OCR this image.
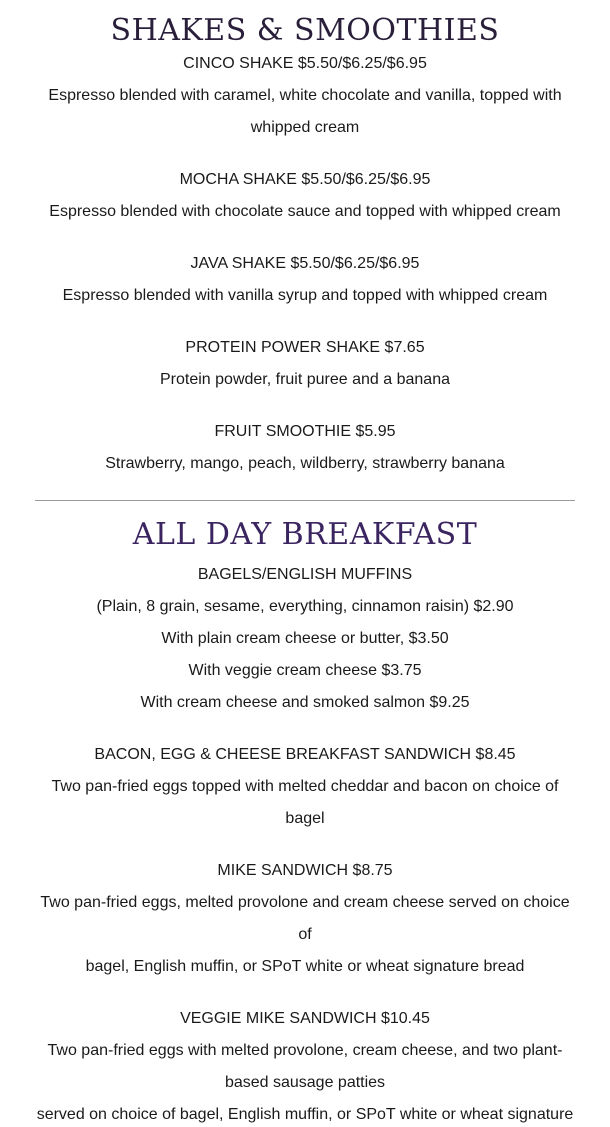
SHAKES & SMOOTHIES

CINCO SHAKE $5.50/$6.25/$6.95

Espresso blended with caramel, white chocolate and vanilla, topped with

whipped cream

MOCHA SHAKE $5.50/$6.25/$6.95

Espresso blended with chocolate sauce and topped with whipped cream

JAVA SHAKE $5.50/$6.25/$6.95

Espresso blended with vanilla syrup and topped with whipped cream

PROTEIN POWER SHAKE $7.65

Protein powder, fruit puree and a banana

FRUIT SMOOTHIE $5.95

Strawberry, mango, peach, wildberry, strawberry banana

ALL DAY BREAKFAST

BAGELS/ENGLISH MUFFINS

(Plain, 8 grain, sesame, everything, cinnamon raisin) $2.90

With plain cream cheese or butter, $3.50

With veggie cream cheese $3.75

With cream cheese and smoked salmon $9.25

BACON, EGG & CHEESE BREAKFAST SANDWICH $8.45

Two pan-fried eggs topped with melted cheddar and bacon on choice of

bagel

MIKE SANDWICH $8.75

Two pan-fried eggs, melted provolone and cream cheese served on choice

of

bagel, English muffin, or SPoT white or wheat signature bread

VEGGIE MIKE SANDWICH $10.45

Two pan-fried eggs with melted provolone, cream cheese, and two plant-

based sausage patties

served on choice of bagel, English muffin, or SPoT white or wheat signature
